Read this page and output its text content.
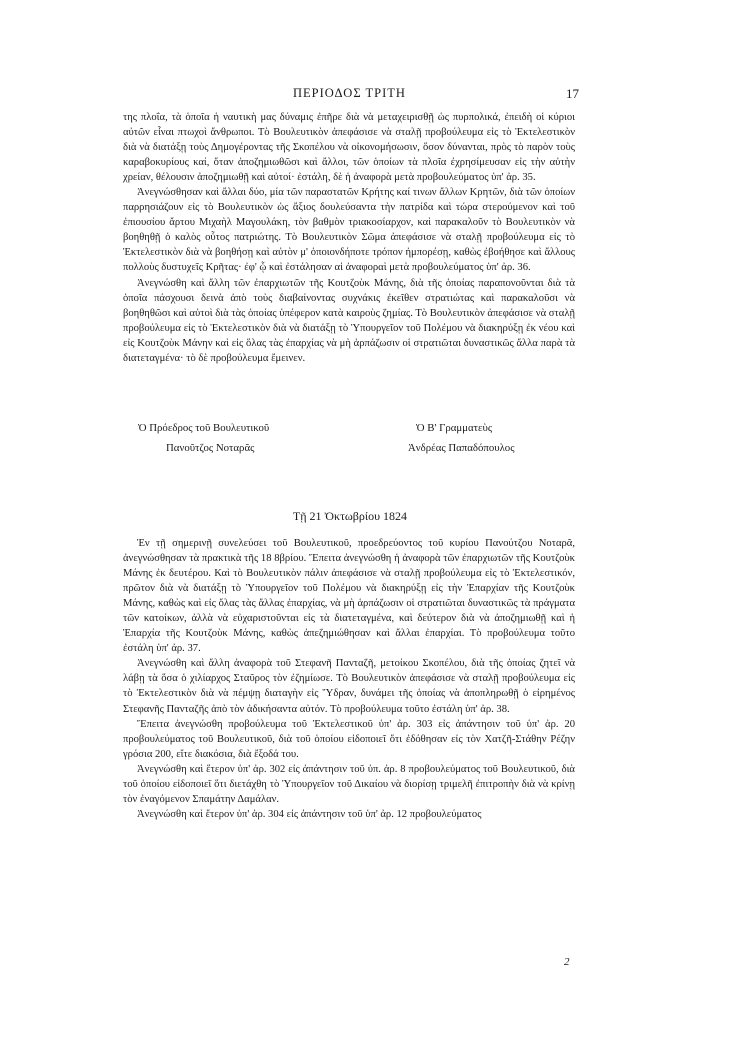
ΠΕΡΙΟΔΟΣ ΤΡΙΤΗ	17

της πλοΐα, τὰ ὁποῖα ἡ ναυτικὴ μας δύναμις ἐπῆρε διὰ νὰ μεταχειρισθῇ ὡς πυρπολικά, ἐπειδὴ οἱ κύριοι αὐτῶν εἶναι πτωχοὶ ἄνθρωποι. Τὸ Βουλευτικὸν ἀπεφάσισε νὰ σταλῇ προβούλευμα εἰς τὸ Ἐκτελεστικὸν διὰ νὰ διατάξῃ τοὺς Δημογέροντας τῆς Σκοπέλου νὰ οἰκονομήσωσιν, ὅσον δύνανται, πρὸς τὸ παρὸν τοὺς καραβοκυρίους καί, ὅταν ἀποζημιωθῶσι καὶ ἄλλοι, τῶν ὁποίων τὰ πλοῖα ἐχρησίμευσαν εἰς τὴν αὐτὴν χρείαν, θέλουσιν ἀποζημιωθῇ καὶ αὐτοί· ἐστάλη, δὲ ἡ ἀναφορὰ μετὰ προβουλεύματος ὑπ' ἀρ. 35.

Ἀνεγνώσθησαν καὶ ἄλλαι δύο, μία τῶν παραστατῶν Κρήτης καί τινων ἄλλων Κρητῶν, διὰ τῶν ὁποίων παρρησιάζουν εἰς τὸ Βουλευτικὸν ὡς ἄξιος δουλεύσαντα τὴν πατρίδα καὶ τώρα στερούμενον καὶ τοῦ ἐπιουσίου ἄρτου Μιχαὴλ Μαγουλάκη, τὸν βαθμὸν τριακοσίαρχον, καὶ παρακαλοῦν τὸ Βουλευτικὸν νὰ βοηθηθῇ ὁ καλὸς οὗτος πατριώτης. Τὸ Βουλευτικὸν Σῶμα ἀπεφάσισε νὰ σταλῇ προβούλευμα εἰς τὸ Ἐκτελεστικὸν διὰ νὰ βοηθήσῃ καὶ αὐτὸν μ' ὁποιονδήποτε τρόπον ἠμπορέσῃ, καθὼς ἐβοήθησε καὶ ἄλλους πολλοὺς δυστυχεῖς Κρῆτας· ἐφ' ᾧ καὶ ἐστάλησαν αἱ ἀναφοραὶ μετὰ προβουλεύματος ὑπ' ἀρ. 36.

Ἀνεγνώσθη καὶ ἄλλη τῶν ἐπαρχιωτῶν τῆς Κουτζοὺκ Μάνης, διὰ τῆς ὁποίας παραπονοῦνται διὰ τὰ ὁποῖα πάσχουσι δεινὰ ἀπὸ τοὺς διαβαίνοντας συχνάκις ἐκεῖθεν στρατιώτας καὶ παρακαλοῦσι νὰ βοηθηθῶσι καὶ αὐτοὶ διὰ τὰς ὁποίας ὑπέφερον κατὰ καιροὺς ζημίας. Τὸ Βουλευτικὸν ἀπεφάσισε νὰ σταλῇ προβούλευμα εἰς τὸ Ἐκτελεστικὸν διὰ νὰ διατάξῃ τὸ Ὑπουργεῖον τοῦ Πολέμου νὰ διακηρύξῃ ἐκ νέου καὶ εἰς Κουτζοὺκ Μάνην καὶ εἰς ὅλας τὰς ἐπαρχίας νὰ μὴ ἁρπάζωσιν οἱ στρατιῶται δυναστικῶς ἄλλα παρὰ τὰ διατεταγμένα· τὸ δὲ προβούλευμα ἔμεινεν.

Ὁ Πρόεδρος τοῦ Βουλευτικοῦ
Πανοῦτζος Νοταρᾶς
Ὁ Β' Γραμματεὺς
Ἀνδρέας Παπαδόπουλος
Τῇ 21 Ὀκτωβρίου 1824

Ἐν τῇ σημερινῇ συνελεύσει τοῦ Βουλευτικοῦ, προεδρεύοντος τοῦ κυρίου Πανούτζου Νοταρᾶ, ἀνεγνώσθησαν τὰ πρακτικὰ τῆς 18 8βρίου. Ἔπειτα ἀνεγνώσθη ἡ ἀναφορὰ τῶν ἐπαρχιωτῶν τῆς Κουτζοὺκ Μάνης ἐκ δευτέρου. Καὶ τὸ Βουλευτικὸν πάλιν ἀπεφάσισε νὰ σταλῇ προβούλευμα εἰς τὸ Ἐκτελεστικόν, πρῶτον διὰ νὰ διατάξῃ τὸ Ὑπουργεῖον τοῦ Πολέμου νὰ διακηρύξῃ εἰς τὴν Ἐπαρχίαν τῆς Κουτζοὺκ Μάνης, καθὼς καὶ εἰς ὅλας τὰς ἄλλας ἐπαρχίας, νὰ μὴ ἁρπάζωσιν οἱ στρατιῶται δυναστικῶς τὰ πράγματα τῶν κατοίκων, ἀλλὰ νὰ εὐχαριστοῦνται εἰς τὰ διατεταγμένα, καὶ δεύτερον διὰ νὰ ἀποζημιωθῇ καὶ ἡ Ἐπαρχία τῆς Κουτζοὺκ Μάνης, καθὼς ἀπεζημιώθησαν καὶ ἄλλαι ἐπαρχίαι. Τὸ προβούλευμα τοῦτο ἐστάλη ὑπ' ἀρ. 37.

Ἀνεγνώσθη καὶ ἄλλη ἀναφορὰ τοῦ Στεφανῆ Πανταζῆ, μετοίκου Σκοπέλου, διὰ τῆς ὁποίας ζητεῖ νὰ λάβῃ τὰ ὅσα ὁ χιλίαρχος Σταῦρος τὸν ἐζημίωσε. Τὸ Βουλευτικὸν ἀπεφάσισε νὰ σταλῇ προβούλευμα εἰς τὸ Ἐκτελεστικὸν διὰ νὰ πέμψῃ διαταγὴν εἰς Ὕδραν, δυνάμει τῆς ὁποίας νὰ ἀποπληρωθῇ ὁ εἰρημένος Στεφανῆς Πανταζῆς ἀπὸ τὸν ἀδικήσαντα αὐτόν. Τὸ προβούλευμα τοῦτο ἐστάλη ὑπ' ἀρ. 38.

Ἔπειτα ἀνεγνώσθη προβούλευμα τοῦ Ἐκτελεστικοῦ ὑπ' ἀρ. 303 εἰς ἀπάντησιν τοῦ ὑπ' ἀρ. 20 προβουλεύματος τοῦ Βουλευτικοῦ, διὰ τοῦ ὁποίου εἰδοποιεῖ ὅτι ἐδόθησαν εἰς τὸν Χατζῆ-Στάθην Ρέζην γρόσια 200, εἴτε διακόσια, διὰ ἔξοδά του.

Ἀνεγνώσθη καὶ ἕτερον ὑπ' ἀρ. 302 εἰς ἀπάντησιν τοῦ ὑπ. ἀρ. 8 προβουλεύματος τοῦ Βουλευτικοῦ, διὰ τοῦ ὁποίου εἰδοποιεῖ ὅτι διετάχθη τὸ Ὑπουργεῖον τοῦ Δικαίου νὰ διορίσῃ τριμελῆ ἐπιτροπὴν διὰ νὰ κρίνῃ τὸν ἐναγόμενον Σπαμάτην Δαμάλαν.

Ἀνεγνώσθη καὶ ἕτερον ὑπ' ἀρ. 304 εἰς ἀπάντησιν τοῦ ὑπ' ἀρ. 12 προβουλεύματος

2
